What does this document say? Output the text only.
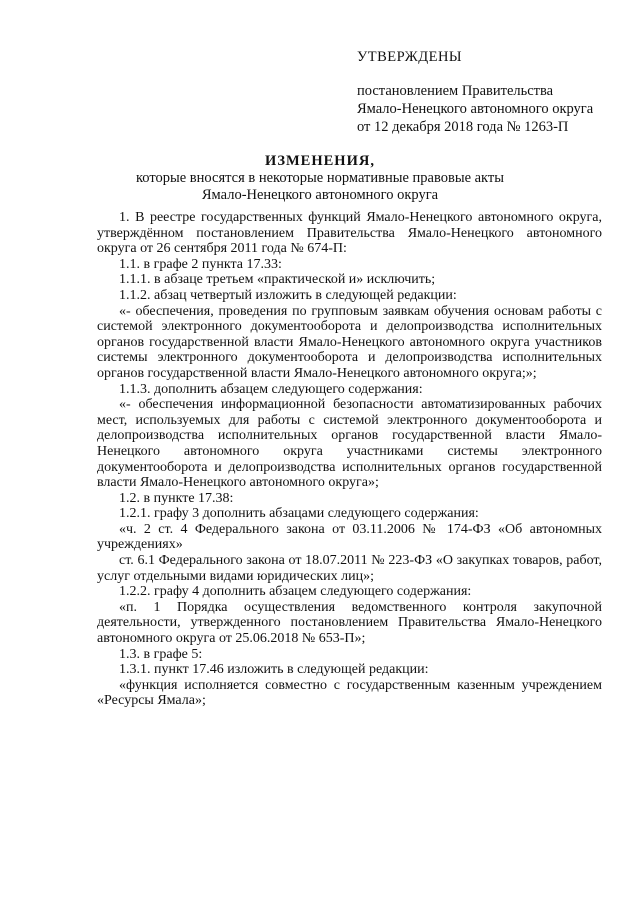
УТВЕРЖДЕНЫ
постановлением Правительства
Ямало-Ненецкого автономного округа
от 12 декабря 2018 года № 1263-П
ИЗМЕНЕНИЯ,
которые вносятся в некоторые нормативные правовые акты
Ямало-Ненецкого автономного округа

1. В реестре государственных функций Ямало-Ненецкого автономного округа, утверждённом постановлением Правительства Ямало-Ненецкого автономного округа от 26 сентября 2011 года № 674-П:

1.1. в графе 2 пункта 17.33:

1.1.1. в абзаце третьем «практической и» исключить;

1.1.2. абзац четвертый изложить в следующей редакции:

«- обеспечения, проведения по групповым заявкам обучения основам работы с системой электронного документооборота и делопроизводства исполнительных органов государственной власти Ямало-Ненецкого автономного округа участников системы электронного документооборота и делопроизводства исполнительных органов государственной власти Ямало-Ненецкого автономного округа;»;

1.1.3. дополнить абзацем следующего содержания:

«- обеспечения информационной безопасности автоматизированных рабочих мест, используемых для работы с системой электронного документооборота и делопроизводства исполнительных органов государственной власти Ямало-Ненецкого автономного округа участниками системы электронного документооборота и делопроизводства исполнительных органов государственной власти Ямало-Ненецкого автономного округа»;

1.2. в пункте 17.38:

1.2.1. графу 3 дополнить абзацами следующего содержания:

«ч. 2 ст. 4 Федерального закона от 03.11.2006 № 174-ФЗ «Об автономных учреждениях»

ст. 6.1 Федерального закона от 18.07.2011 № 223-ФЗ «О закупках товаров, работ, услуг отдельными видами юридических лиц»;

1.2.2. графу 4 дополнить абзацем следующего содержания:

«п. 1 Порядка осуществления ведомственного контроля закупочной деятельности, утвержденного постановлением Правительства Ямало-Ненецкого автономного округа от 25.06.2018 № 653-П»;

1.3. в графе 5:

1.3.1. пункт 17.46 изложить в следующей редакции:

«функция исполняется совместно с государственным казенным учреждением «Ресурсы Ямала»;
